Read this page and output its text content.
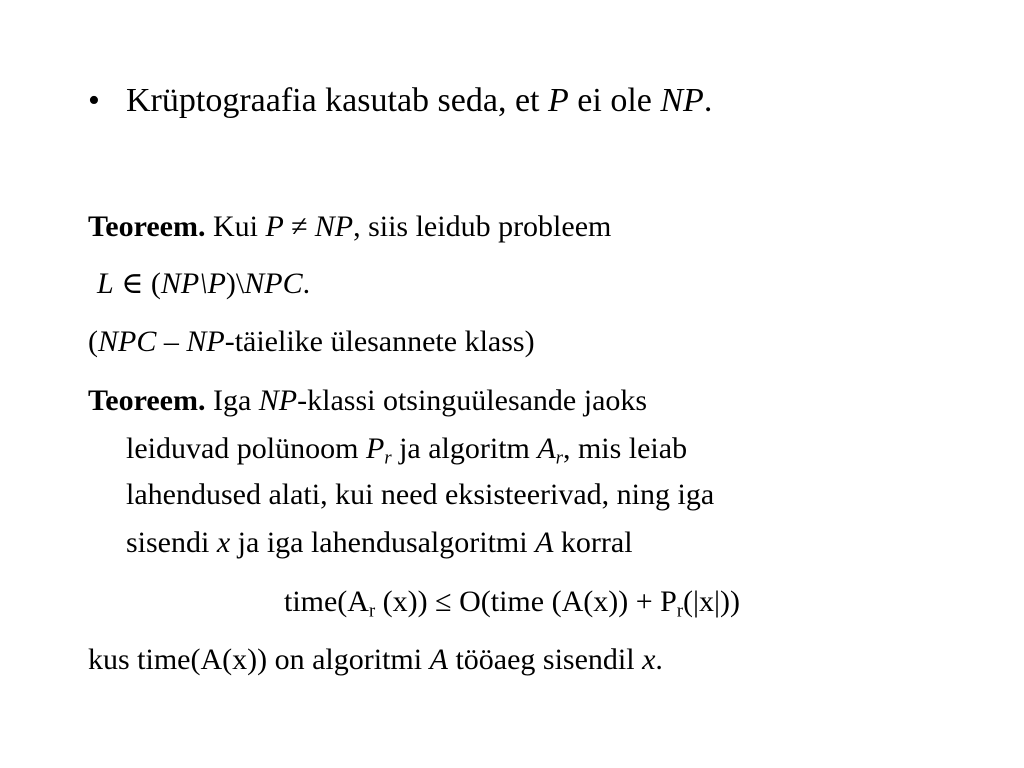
• Krüptograafia kasutab seda, et P ei ole NP.
Teoreem. Kui P ≠ NP, siis leidub probleem
L ∈ (NP\P)\NPC.
(NPC – NP-täielike ülesannete klass)
Teoreem. Iga NP-klassi otsinguülesande jaoks
leiduvad polünoom $P_r$ ja algoritm $A_r$, mis leiab
lahendused alati, kui need eksisteerivad, ning iga
sisendi x ja iga lahendusalgoritmi A korral
$time(A_r$ (x)) ≤ O(time $(A(x)) + P_r(|x|)$)
kus time(A(x)) on algoritmi A tööaeg sisendil x.
